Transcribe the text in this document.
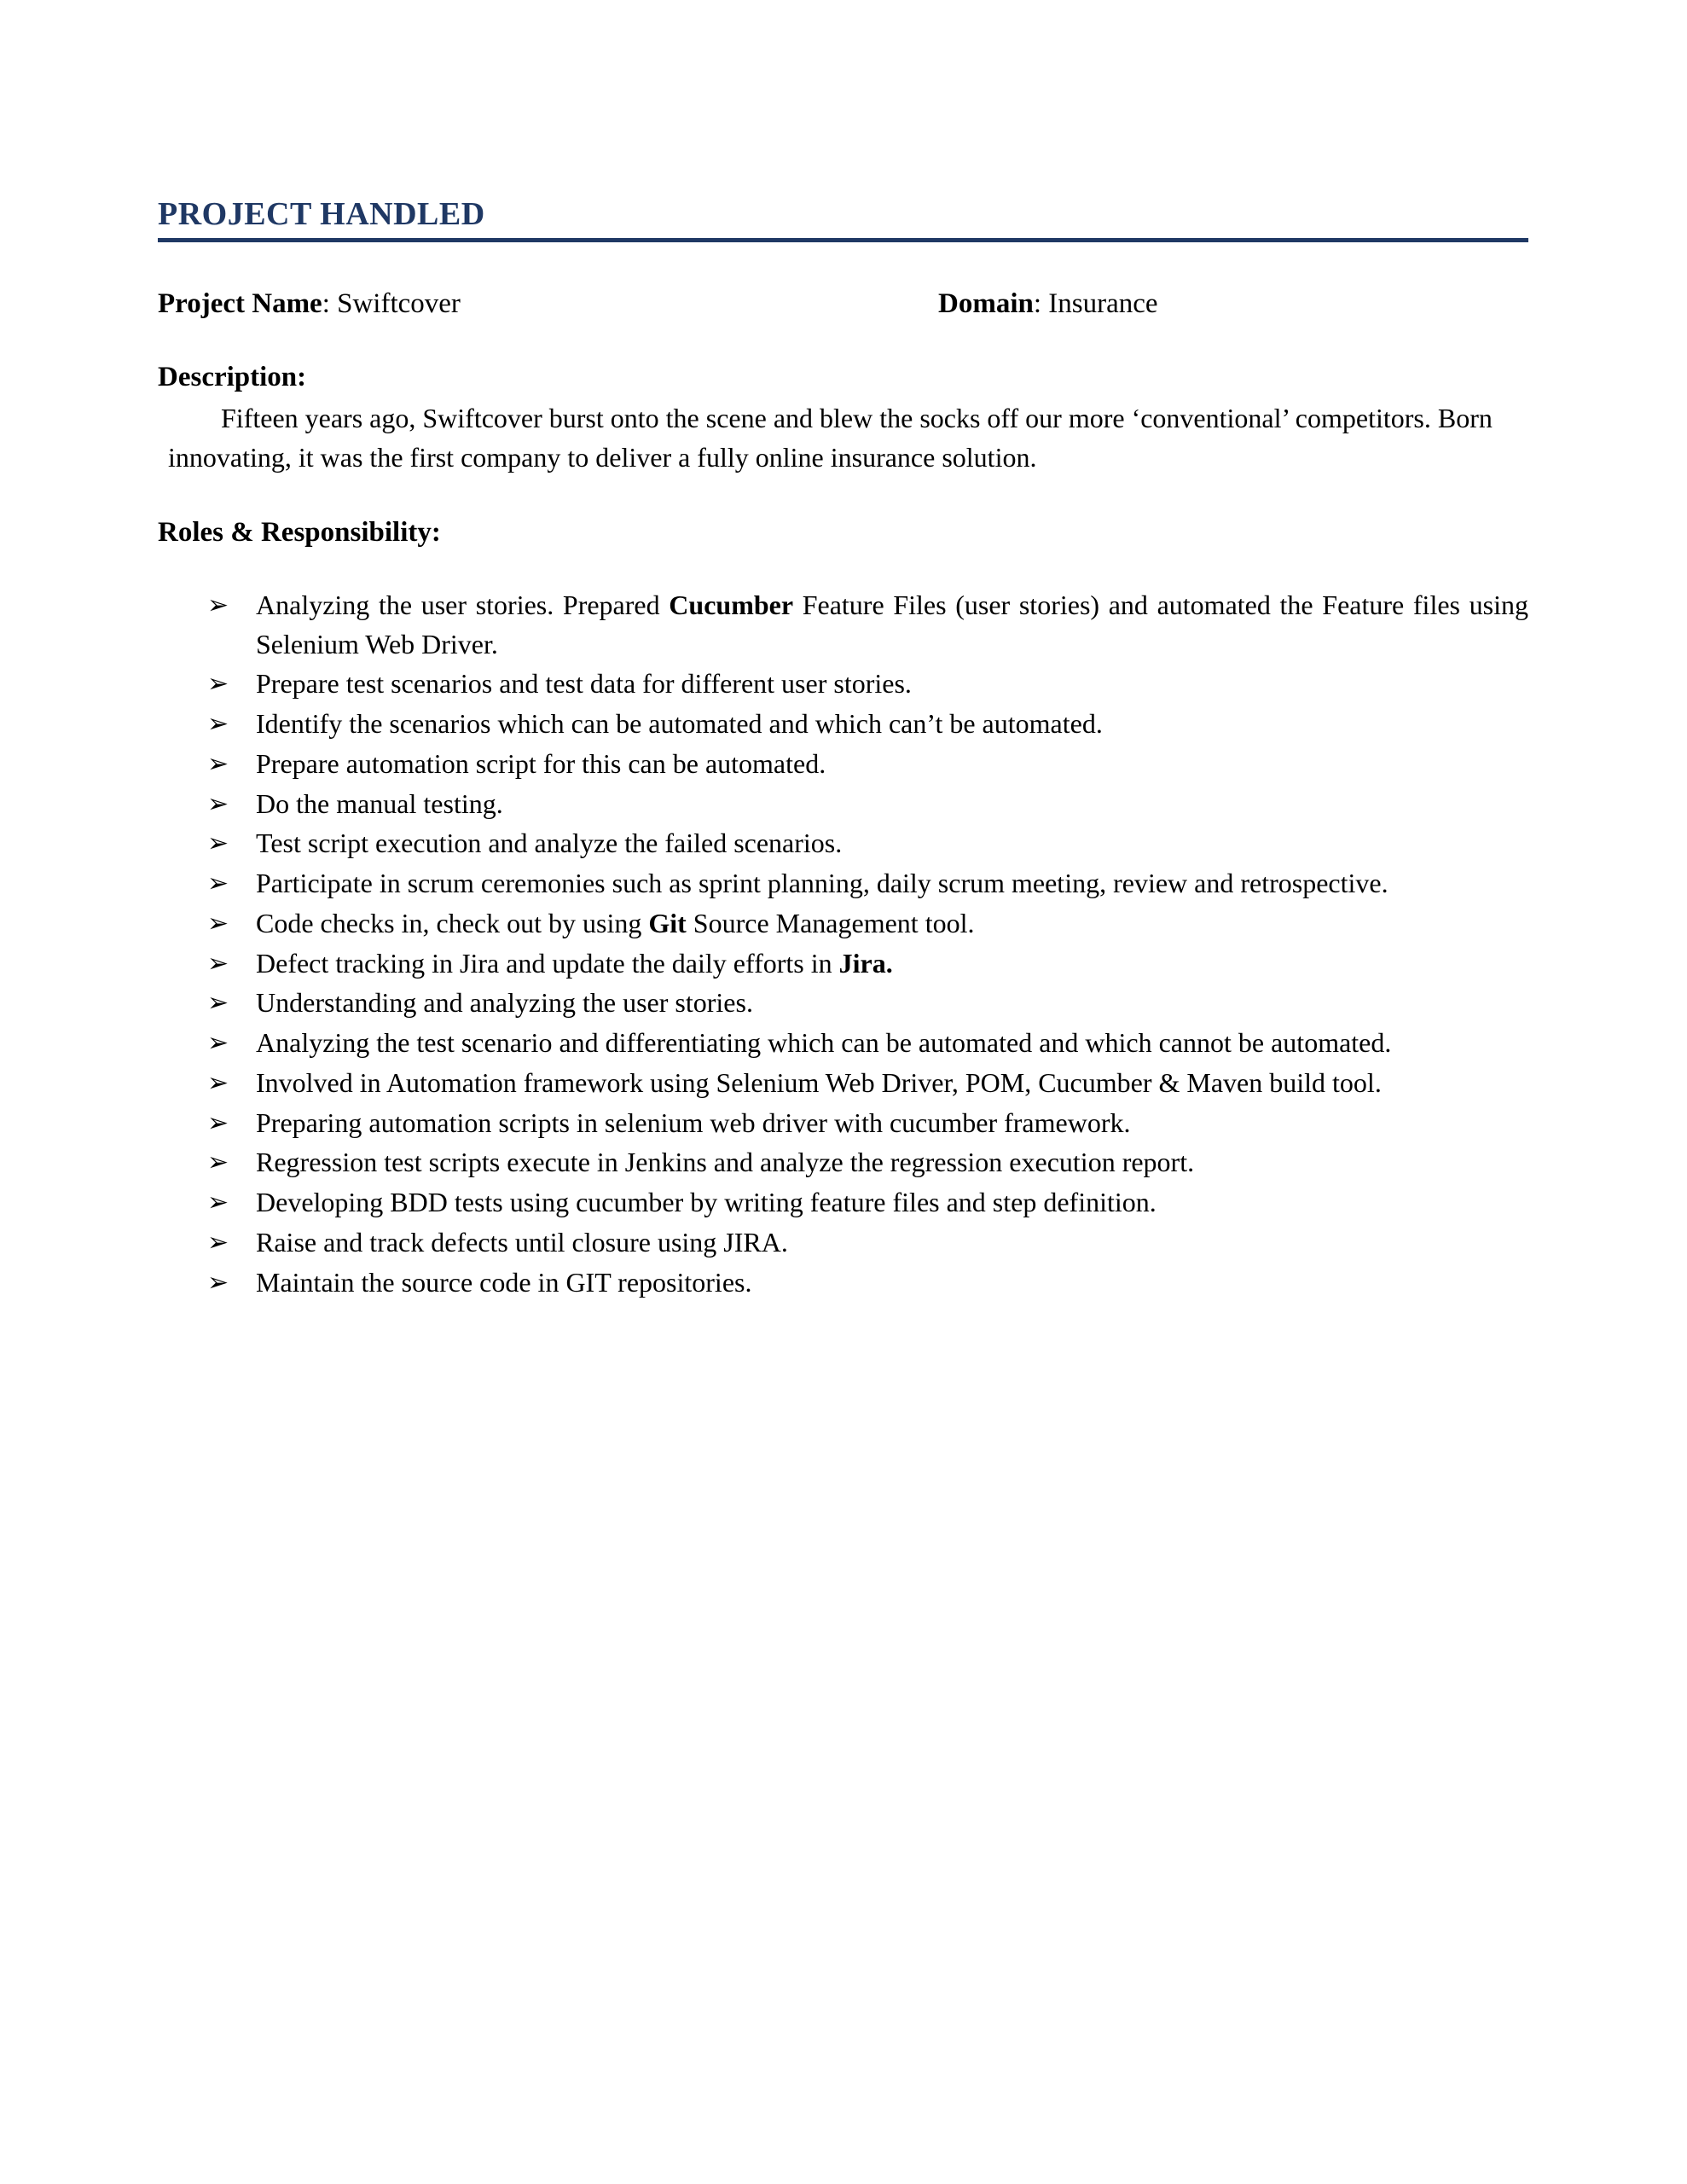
PROJECT HANDLED
Project Name: Swiftcover	Domain: Insurance
Description:

Fifteen years ago, Swiftcover burst onto the scene and blew the socks off our more ‘conventional’ competitors. Born innovating, it was the first company to deliver a fully online insurance solution.

Roles & Responsibility:
➢ Analyzing the user stories. Prepared Cucumber Feature Files (user stories) and automated the Feature files using Selenium Web Driver.
➢ Prepare test scenarios and test data for different user stories.
➢ Identify the scenarios which can be automated and which can’t be automated.
➢ Prepare automation script for this can be automated.
➢ Do the manual testing.
➢ Test script execution and analyze the failed scenarios.
➢ Participate in scrum ceremonies such as sprint planning, daily scrum meeting, review and retrospective.
➢ Code checks in, check out by using Git Source Management tool.
➢ Defect tracking in Jira and update the daily efforts in Jira.
➢ Understanding and analyzing the user stories.
➢ Analyzing the test scenario and differentiating which can be automated and which cannot be automated.
➢ Involved in Automation framework using Selenium Web Driver, POM, Cucumber & Maven build tool.
➢ Preparing automation scripts in selenium web driver with cucumber framework.
➢ Regression test scripts execute in Jenkins and analyze the regression execution report.
➢ Developing BDD tests using cucumber by writing feature files and step definition.
➢ Raise and track defects until closure using JIRA.
➢ Maintain the source code in GIT repositories.
